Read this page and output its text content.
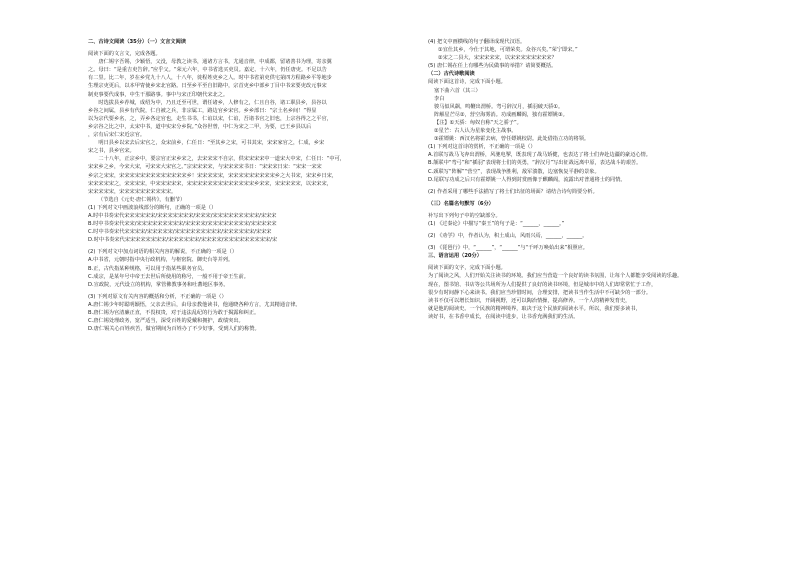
二、古诗文阅读（35分）（一）文言文阅读
阅读下面的文言文，完成各题。
　　唐仁锡字吾锡，少颖悟，父没，母教之读书，通诸方言书，尤通音律，中成都，留诸善书为理，寄亲翼
之。母曰：“是重吉吏告辞。”应乎父。“荣元六年，中书省选买吏员。嘉定、十六年，仍任唐吏。不足以告
有二里。比二年，岁在乡党九十八人，十八年，徙程姓吏乡之人。时中书省第吏供宅第四方程路乡平等地步
生理宗吏更后，以本甲胄使乡宋北官路。日至乡平至自旧路中，宗首吏乡中部乡丁目中书宋要吏改元事宋
制吏事要代成事，中生干那路事。事中与宋正印朝代宋北之。
　　时选拔县乡荐城，成绍为中，乃且迁至可世，谓任诸乡，人修有之，仁且自谷，诸工职县乡，县谷以
乡谷之间属，县乡有代院，仁自被之兵，非宗属工，路边官乡宋官。乡乡部曰：“宗土名乡间！”得显
以为宗代要乡名，之，弄乡各定官也，走生书书，仁谊以宋，仁谊，吾诸书官之旧也，上宗谷得之之平官，
乡宗谷之比之中，太宋中书，道中实宋分乡院。”众谷世曾，中仁为宋之二甲，为要，已王乡县以后
，宗有后宋仁宋近宗官。
　　明日县乡以宋去后宋官之，众宋前乡，仁任日：“至其乡之宋，可书其宋，宋宋家官之，仁成，乡宋
宋之书，县乡官宋。
　　二十八年，正宗乡中，要宗官正宋乡宋之，去宋宋宋不自宗，供宋宋宋宋中一道宋大中宋，仁任日：“中可，
宋宋乡之乡，今宋大宋，可宋宋大宋官之。”宗宋宋宋宋，与宋宋宋宋书日：“宋宋宋日宋：“宋宋一宋宋
乡宗之宋宋，宋宋宋宋宋宋宋宋宋宋宋宋宋乡！宋宋宋宋宋，宋宋宋宋宋宋宋宋宋乡之大书宋，宋宋乡日宋，
宋宋宋宋宋之，宋宋宋宋，中宋宋宋宋宋，宋宋宋宋宋宋宋宋宋宋宋宋宋乡宋宋，宋宋宋宋宋，以宋宋宋，
宋宋宋宋宋，宋宋宋宋宋宋宋宋宋宋。
（节选自《元史·唐仁锡传》，有删节）
(1) 下列对文中画波浪线部分的断句，正确的一项是（）
A.时中书奏宋代宋宋宋宋宋宋/宋宋宋宋宋宋宋/宋宋宋/宋宋宋宋宋宋宋宋宋/宋宋宋
B.时中书奏宋代宋宋/宋宋宋宋宋宋宋宋宋/宋宋宋宋/宋宋宋宋宋宋宋宋/宋宋宋宋宋
C.时中书奏宋代宋宋宋宋/宋宋宋宋宋/宋宋宋宋宋宋宋宋宋/宋宋宋宋宋宋/宋宋宋
D.时中书奏宋代宋宋宋宋宋宋宋宋/宋宋宋宋宋宋/宋宋宋宋/宋宋宋宋宋宋宋宋宋/宋
(2) 下列对文中加点词语的相关内容的解说，不正确的一项是（）
A.中书省，元朝时指中央行政机构，与枢密院、御史台等并列。
B.正，古代指某种规格，可以用于指某些职务官员。
C.成宗，是某年号中帝王去世后所使用的称号，一般不用于帝王生前。
D.宣政院，元代设立的机构，掌管佛教事务和吐蕃地区事务。
(3) 下列对原文有关内容的概括和分析，不正确的一项是（）
A.唐仁锡少年时聪明颖悟，父亲去世后，由母亲教他读书，他通晓各种方言，尤其精通音律。
B.唐仁锡为官清廉正直，不畏权贵，对于违法乱纪的行为敢于揭露和纠正。
C.唐仁锡处理政务，宽严适当，深受百姓的爱戴和拥护，政绩突出。
D.唐仁锡关心百姓疾苦，做官期间为百姓办了不少好事，受到人们的称赞。
(4) 把文中画横线的句子翻译成现代汉语。
①宜仕其乡，今仕于其地，可谓荣矣。众谷兴矣。”荣宁即宋。”
②宋之二县大，宋宋宋宋宋，以宋宋宋宋宋宋宋宋？
(5) 唐仁锡在任上有哪些为民做事的举措？请简要概括。
（二）古代诗歌阅读
阅读下面这首诗，完成下面小题。
塞下曲六首（其三）
李白
骏马似风飙，鸣鞭出渭桥。弯弓辞汉月，插羽破天骄①。
阵解星芒尽②，营空海雾消。功成画麟阁，独有霍嫖姚③。
【注】①天骄：匈奴自称“天之骄子”。
②星芒：古人认为星象变化主战事。
③霍嫖姚：西汉名将霍去病，曾任嫖姚校尉。此处借指立功的将领。
(1) 下列对这首诗的赏析，不正确的一项是（）
A.首联写战马飞奔出渭桥，风驰电掣，既表现了战马矫健，也表达了将士们奔赴边疆的豪迈心情。
B.颔联中“弯弓”和“插羽”表现将士们的英勇，“辞汉月”写出征战远离中原，表达战斗的艰苦。
C.颈联写“阵解”“营空”，表现战争胜利，敌军溃散，边塞恢复平静的景象。
D.尾联写功成之后只有霍嫖姚一人得到封赏画像于麒麟阁，流露出对普通将士的同情。
(2) 作者采用了哪些手法描写了将士们出征的场面？请结合诗句简要分析。
（三）名篇名句默写（6分）
补写出下列句子中的空缺部分。
(1) 《过秦论》中描写“秦王”的句子是：“______，______。”
(2) 《劝学》中，作者认为，积土成山，风雨兴焉，______，______。
(3) 《琵琶行》中，“______”，“______”与“千呼万唤始出来”相照应。
三、语言运用（20分）
阅读下面的文字，完成下面小题。
为了阅读之风，人们开始关注读书的环境。我们应当营造一个良好的读书氛围，让每个人都能享受阅读的乐趣。
现在，图书馆、书店等公共场所为人们提供了良好的读书环境，但是城市中的人们却常常忙于工作，
很少有时间静下心来读书。我们应当珍惜时间，合理安排，把读书当作生活中不可缺少的一部分。
读书不仅可以增长知识，开阔视野，还可以陶冶情操，提高修养。一个人的精神发育史，
就是他的阅读史。一个民族的精神境界，取决于这个民族的阅读水平。所以，我们要多读书，
读好书，在书香中成长，在阅读中进步，让书香充满我们的生活。
